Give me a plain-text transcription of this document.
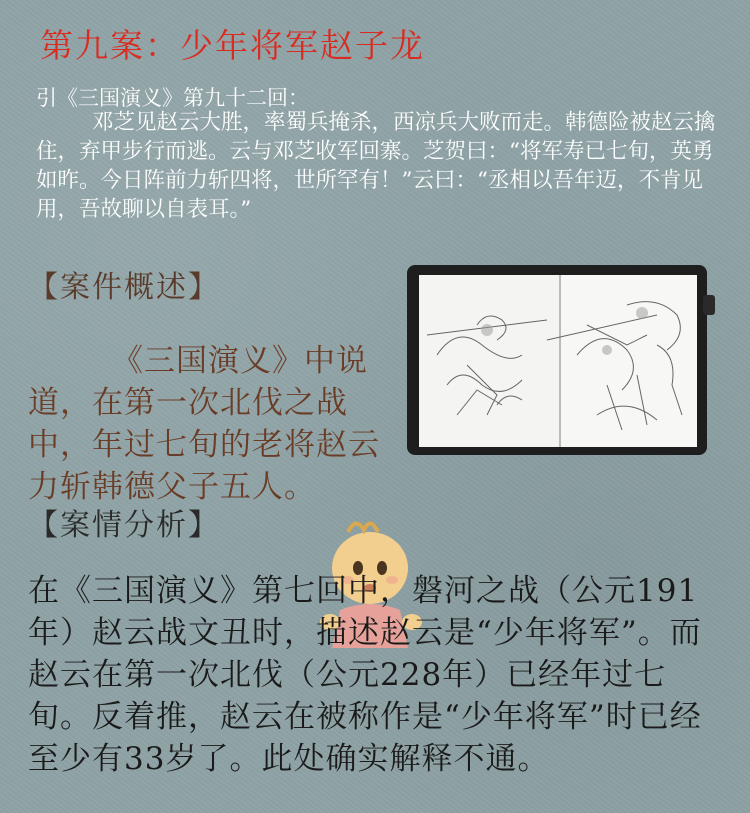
第九案：少年将军赵子龙
引《三国演义》第九十二回：
邓芝见赵云大胜，率蜀兵掩杀，西凉兵大败而走。韩德险被赵云擒住，弃甲步行而逃。云与邓芝收军回寨。芝贺曰：“将军寿已七旬，英勇如昨。今日阵前力斩四将，世所罕有！”云曰：“丞相以吾年迈，不肯见用，吾故聊以自表耳。”
【案件概述】
《三国演义》中说道，在第一次北伐之战中，年过七旬的老将赵云力斩韩德父子五人。
【案情分析】
在《三国演义》第七回中，磐河之战（公元191年）赵云战文丑时，描述赵云是“少年将军”。而赵云在第一次北伐（公元228年）已经年过七旬。反着推，赵云在被称作是“少年将军”时已经至少有33岁了。此处确实解释不通。
